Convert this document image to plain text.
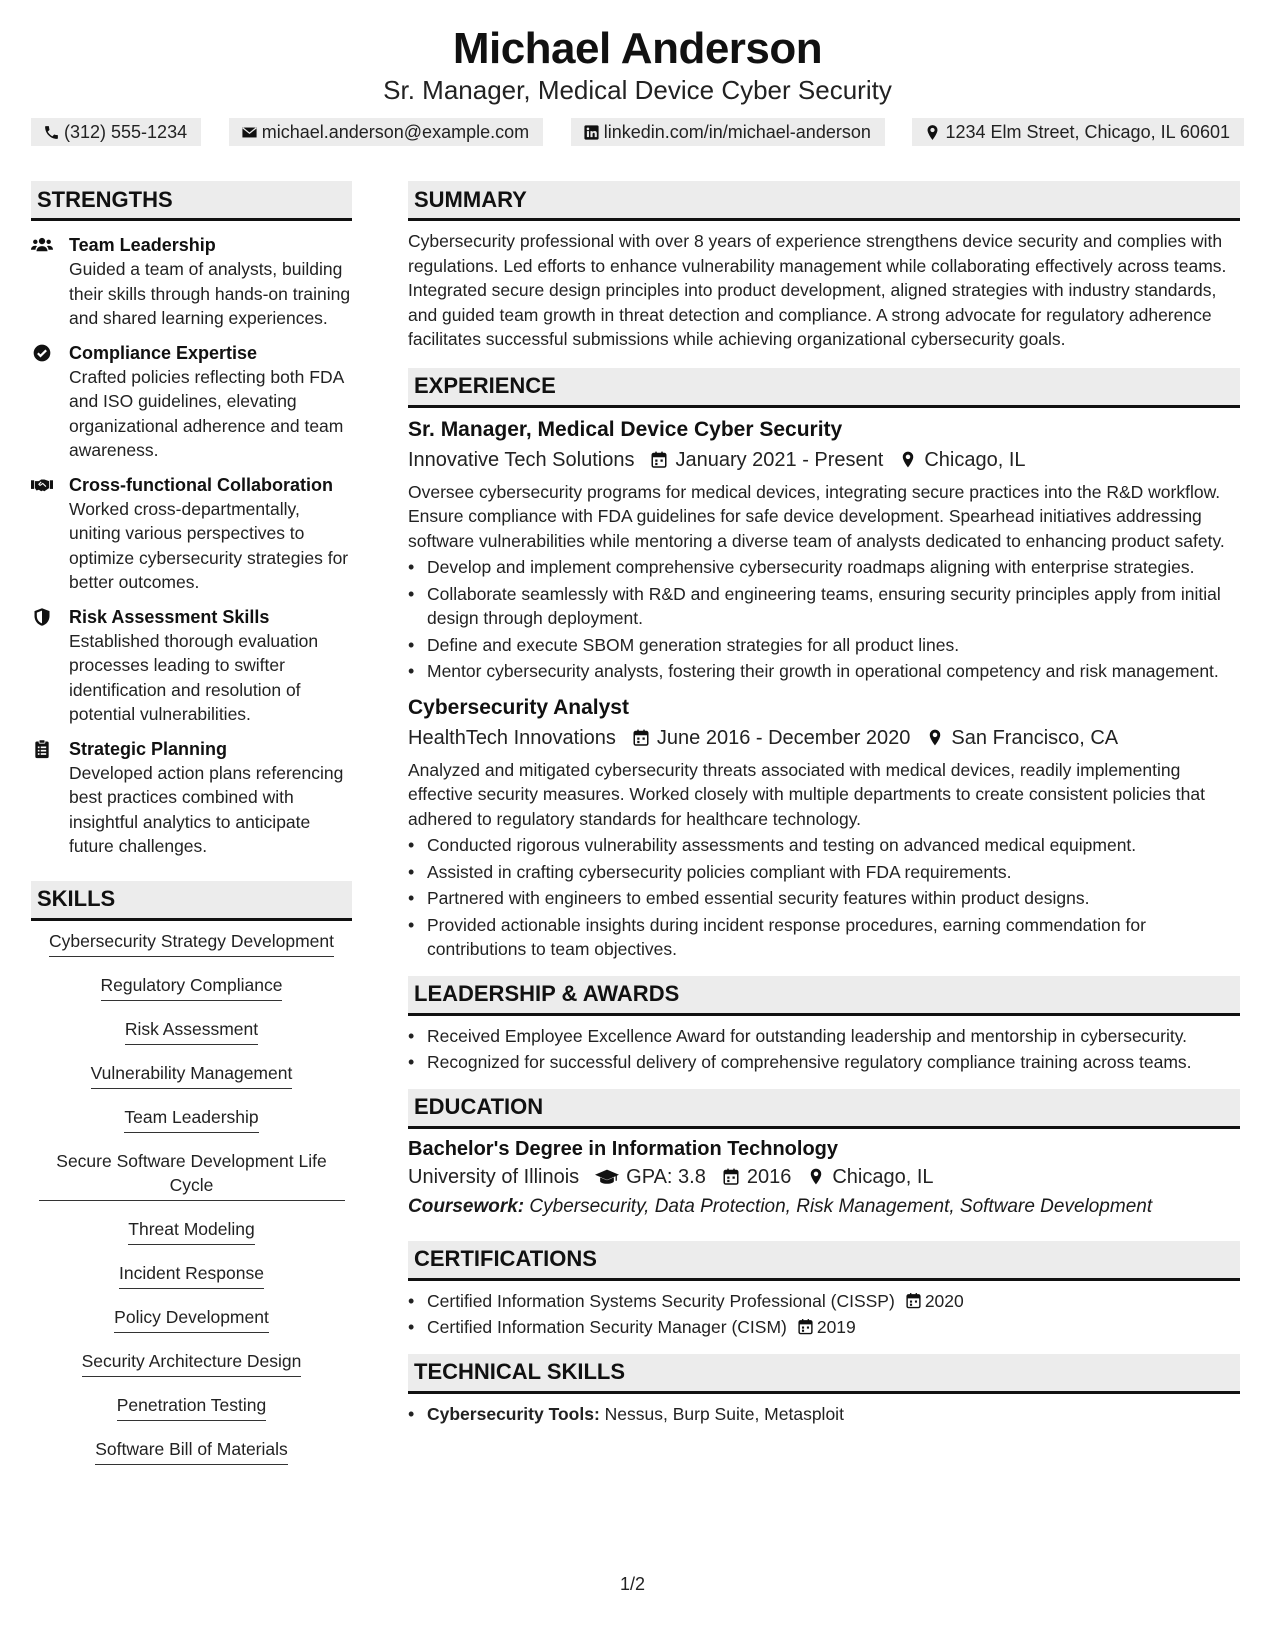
Michael Anderson
Sr. Manager, Medical Device Cyber Security
(312) 555-1234	michael.anderson@example.com	linkedin.com/in/michael-anderson	1234 Elm Street, Chicago, IL 60601
STRENGTHS
Team Leadership
Guided a team of analysts, building their skills through hands-on training and shared learning experiences.
Compliance Expertise
Crafted policies reflecting both FDA and ISO guidelines, elevating organizational adherence and team awareness.
Cross-functional Collaboration
Worked cross-departmentally, uniting various perspectives to optimize cybersecurity strategies for better outcomes.
Risk Assessment Skills
Established thorough evaluation processes leading to swifter identification and resolution of potential vulnerabilities.
Strategic Planning
Developed action plans referencing best practices combined with insightful analytics to anticipate future challenges.
SKILLS
Cybersecurity Strategy Development
Regulatory Compliance
Risk Assessment
Vulnerability Management
Team Leadership
Secure Software Development Life Cycle
Threat Modeling
Incident Response
Policy Development
Security Architecture Design
Penetration Testing
Software Bill of Materials
SUMMARY
Cybersecurity professional with over 8 years of experience strengthens device security and complies with regulations. Led efforts to enhance vulnerability management while collaborating effectively across teams. Integrated secure design principles into product development, aligned strategies with industry standards, and guided team growth in threat detection and compliance. A strong advocate for regulatory adherence facilitates successful submissions while achieving organizational cybersecurity goals.
EXPERIENCE
Sr. Manager, Medical Device Cyber Security
Innovative Tech Solutions January 2021 - Present Chicago, IL
Oversee cybersecurity programs for medical devices, integrating secure practices into the R&D workflow. Ensure compliance with FDA guidelines for safe device development. Spearhead initiatives addressing software vulnerabilities while mentoring a diverse team of analysts dedicated to enhancing product safety.
• Develop and implement comprehensive cybersecurity roadmaps aligning with enterprise strategies.
• Collaborate seamlessly with R&D and engineering teams, ensuring security principles apply from initial design through deployment.
• Define and execute SBOM generation strategies for all product lines.
• Mentor cybersecurity analysts, fostering their growth in operational competency and risk management.
Cybersecurity Analyst
HealthTech Innovations June 2016 - December 2020 San Francisco, CA
Analyzed and mitigated cybersecurity threats associated with medical devices, readily implementing effective security measures. Worked closely with multiple departments to create consistent policies that adhered to regulatory standards for healthcare technology.
• Conducted rigorous vulnerability assessments and testing on advanced medical equipment.
• Assisted in crafting cybersecurity policies compliant with FDA requirements.
• Partnered with engineers to embed essential security features within product designs.
• Provided actionable insights during incident response procedures, earning commendation for contributions to team objectives.
LEADERSHIP & AWARDS
• Received Employee Excellence Award for outstanding leadership and mentorship in cybersecurity.
• Recognized for successful delivery of comprehensive regulatory compliance training across teams.
EDUCATION
Bachelor's Degree in Information Technology
University of Illinois GPA: 3.8 2016 Chicago, IL
Coursework: Cybersecurity, Data Protection, Risk Management, Software Development
CERTIFICATIONS
• Certified Information Systems Security Professional (CISSP) 2020
• Certified Information Security Manager (CISM) 2019
TECHNICAL SKILLS
• Cybersecurity Tools: Nessus, Burp Suite, Metasploit
1/2
